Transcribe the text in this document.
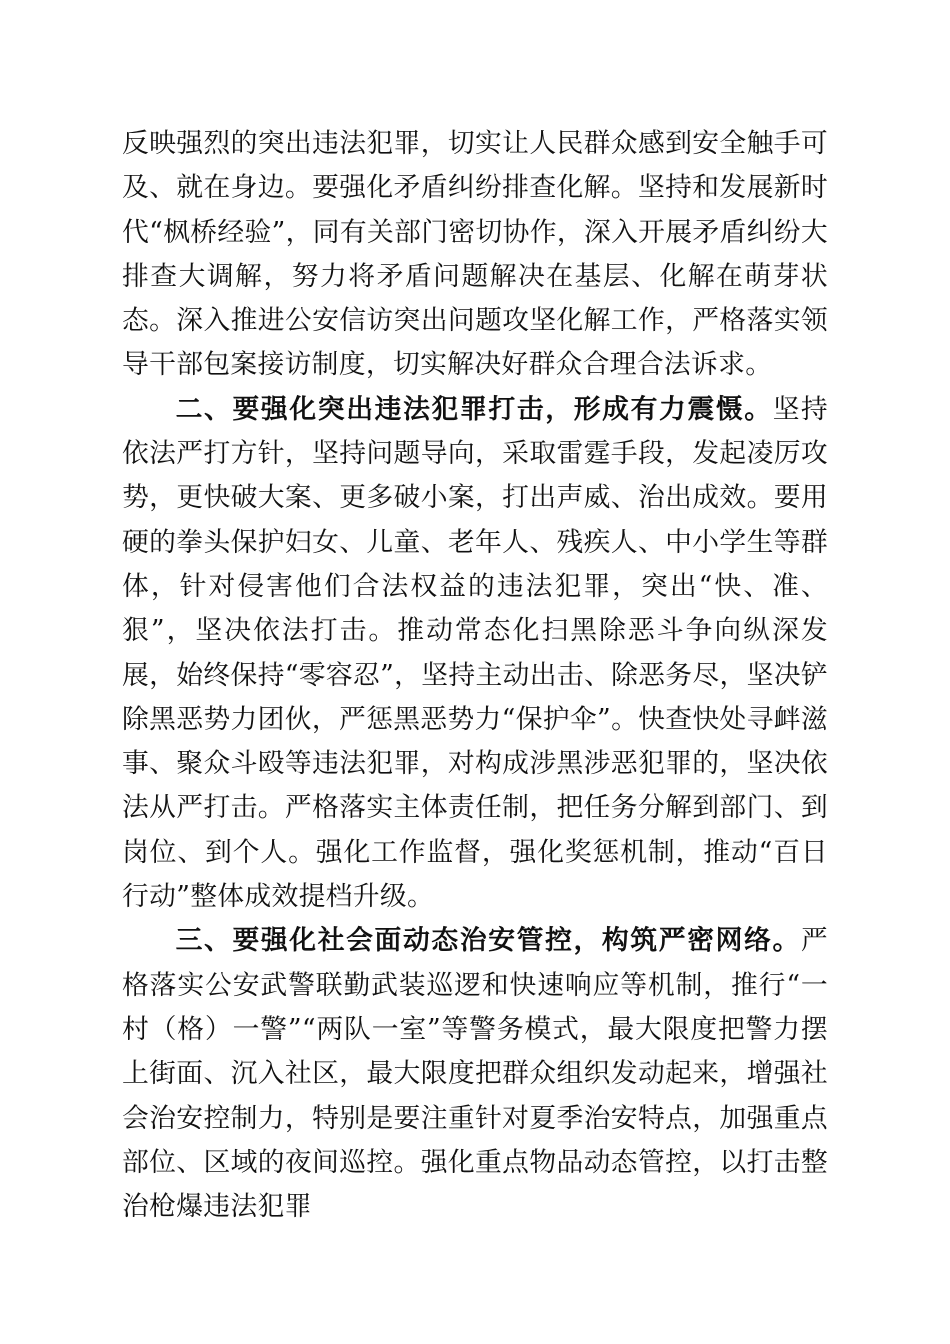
反映强烈的突出违法犯罪，切实让人民群众感到安全触手可及、就在身边。要强化矛盾纠纷排查化解。坚持和发展新时代“枫桥经验”，同有关部门密切协作，深入开展矛盾纠纷大排查大调解，努力将矛盾问题解决在基层、化解在萌芽状态。深入推进公安信访突出问题攻坚化解工作，严格落实领导干部包案接访制度，切实解决好群众合理合法诉求。

二、要强化突出违法犯罪打击，形成有力震慑。坚持依法严打方针，坚持问题导向，采取雷霆手段，发起凌厉攻势，更快破大案、更多破小案，打出声威、治出成效。要用硬的拳头保护妇女、儿童、老年人、残疾人、中小学生等群体，针对侵害他们合法权益的违法犯罪，突出“快、准、狠”，坚决依法打击。推动常态化扫黑除恶斗争向纵深发展，始终保持“零容忍”，坚持主动出击、除恶务尽，坚决铲除黑恶势力团伙，严惩黑恶势力“保护伞”。快查快处寻衅滋事、聚众斗殴等违法犯罪，对构成涉黑涉恶犯罪的，坚决依法从严打击。严格落实主体责任制，把任务分解到部门、到岗位、到个人。强化工作监督，强化奖惩机制，推动“百日行动”整体成效提档升级。

三、要强化社会面动态治安管控，构筑严密网络。严格落实公安武警联勤武装巡逻和快速响应等机制，推行“一村（格）一警”“两队一室”等警务模式，最大限度把警力摆上街面、沉入社区，最大限度把群众组织发动起来，增强社会治安控制力，特别是要注重针对夏季治安特点，加强重点部位、区域的夜间巡控。强化重点物品动态管控，以打击整治枪爆违法犯罪
